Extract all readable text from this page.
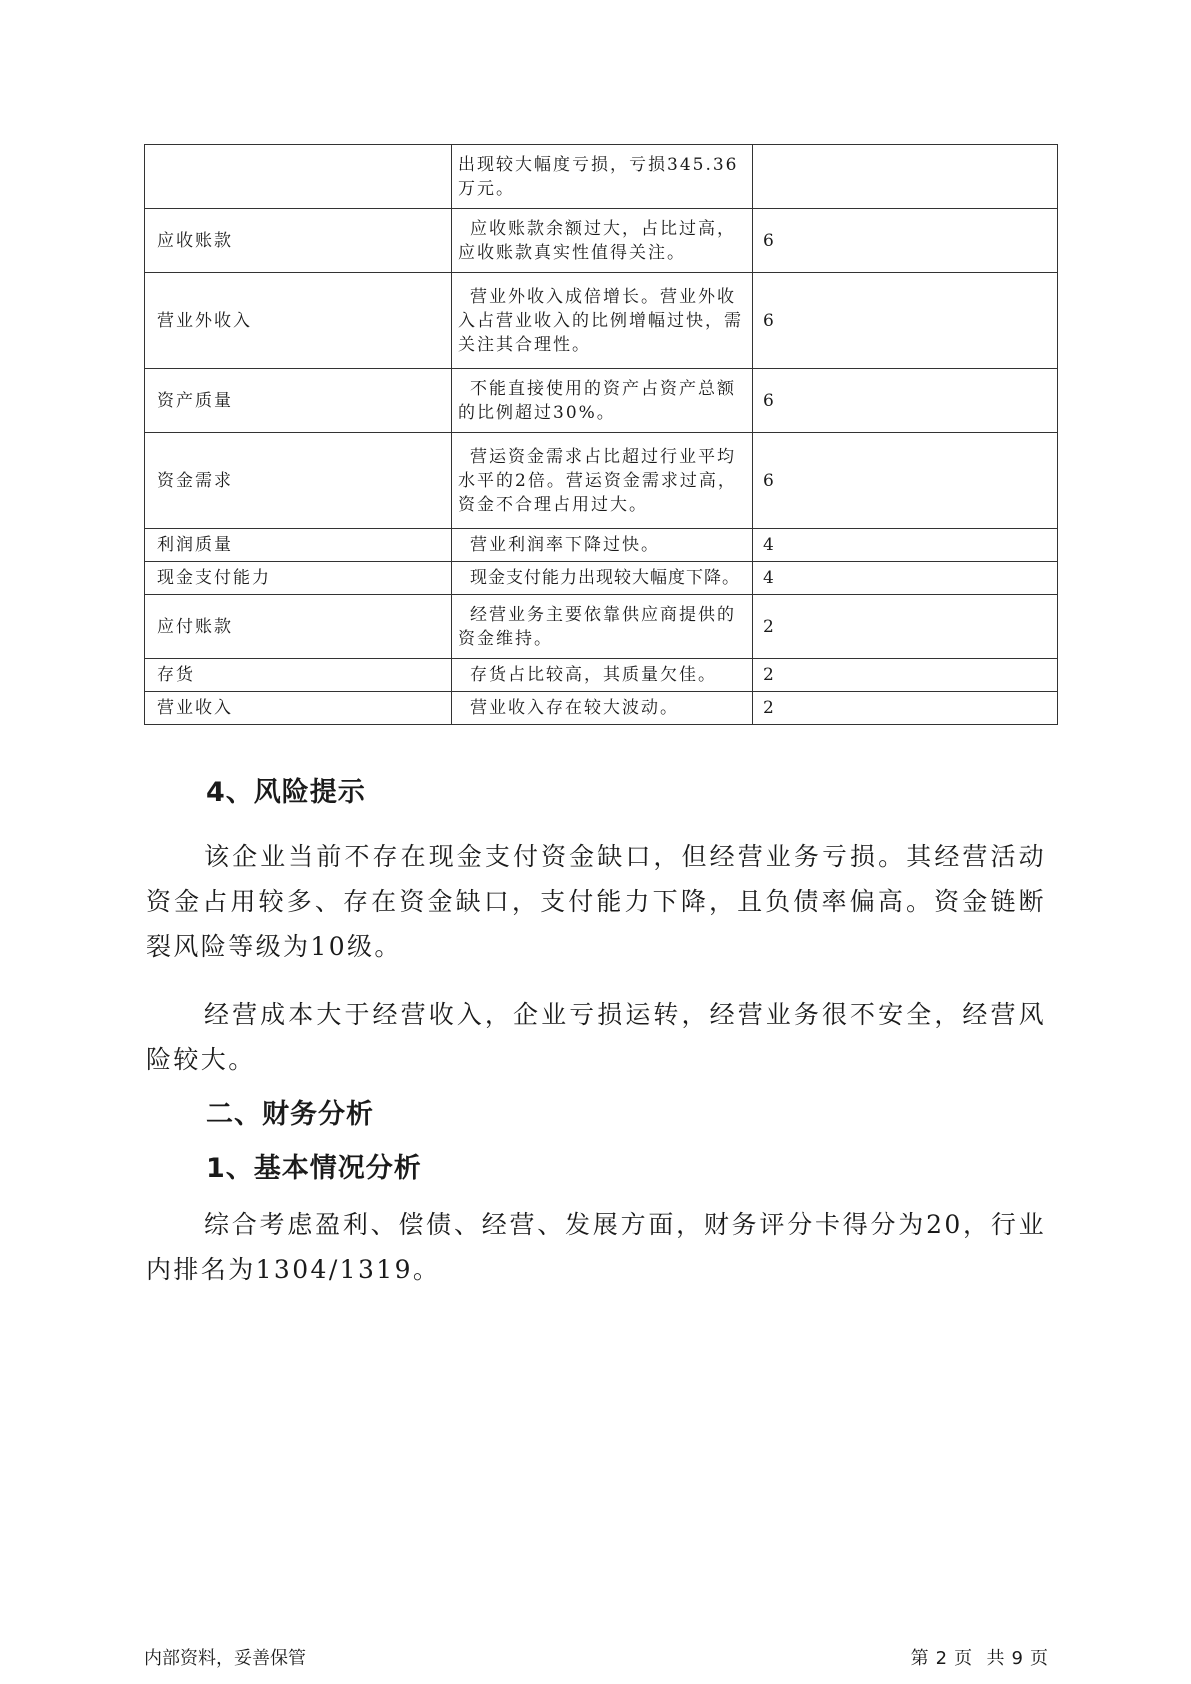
	出现较大幅度亏损，亏损345.36万元。	
应收账款	应收账款余额过大，占比过高，应收账款真实性值得关注。	6
营业外收入	营业外收入成倍增长。营业外收入占营业收入的比例增幅过快，需关注其合理性。	6
资产质量	不能直接使用的资产占资产总额的比例超过30%。	6
资金需求	营运资金需求占比超过行业平均水平的2倍。营运资金需求过高，资金不合理占用过大。	6
利润质量	营业利润率下降过快。	4
现金支付能力	现金支付能力出现较大幅度下降。	4
应付账款	经营业务主要依靠供应商提供的资金维持。	2
存货	存货占比较高，其质量欠佳。	2
营业收入	营业收入存在较大波动。	2
4、风险提示

该企业当前不存在现金支付资金缺口，但经营业务亏损。其经营活动资金占用较多、存在资金缺口，支付能力下降，且负债率偏高。资金链断裂风险等级为10级。

经营成本大于经营收入，企业亏损运转，经营业务很不安全，经营风险较大。

二、财务分析
1、基本情况分析

综合考虑盈利、偿债、经营、发展方面，财务评分卡得分为20，行业内排名为1304/1319。

内部资料，妥善保管	第 2 页  共 9 页
